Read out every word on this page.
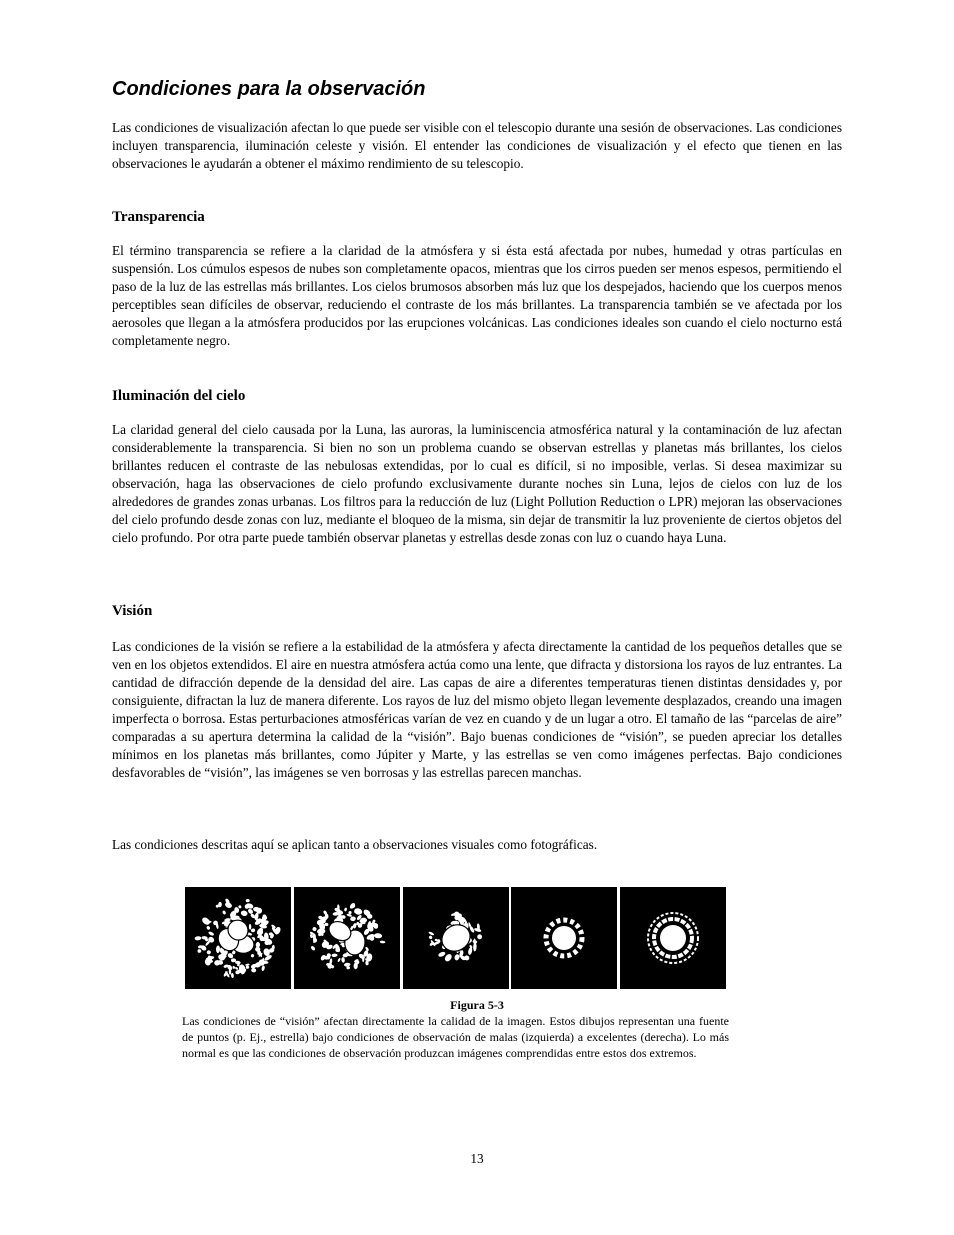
Condiciones para la observación

Las condiciones de visualización afectan lo que puede ser visible con el telescopio durante una sesión de observaciones. Las condiciones incluyen transparencia, iluminación celeste y visión. El entender las condiciones de visualización y el efecto que tienen en las observaciones le ayudarán a obtener el máximo rendimiento de su telescopio.

Transparencia

El término transparencia se refiere a la claridad de la atmósfera y si ésta está afectada por nubes, humedad y otras partículas en suspensión. Los cúmulos espesos de nubes son completamente opacos, mientras que los cirros pueden ser menos espesos, permitiendo el paso de la luz de las estrellas más brillantes. Los cielos brumosos absorben más luz que los despejados, haciendo que los cuerpos menos perceptibles sean difíciles de observar, reduciendo el contraste de los más brillantes. La transparencia también se ve afectada por los aerosoles que llegan a la atmósfera producidos por las erupciones volcánicas. Las condiciones ideales son cuando el cielo nocturno está completamente negro.

Iluminación del cielo

La claridad general del cielo causada por la Luna, las auroras, la luminiscencia atmosférica natural y la contaminación de luz afectan considerablemente la transparencia. Si bien no son un problema cuando se observan estrellas y planetas más brillantes, los cielos brillantes reducen el contraste de las nebulosas extendidas, por lo cual es difícil, si no imposible, verlas. Si desea maximizar su observación, haga las observaciones de cielo profundo exclusivamente durante noches sin Luna, lejos de cielos con luz de los alrededores de grandes zonas urbanas. Los filtros para la reducción de luz (Light Pollution Reduction o LPR) mejoran las observaciones del cielo profundo desde zonas con luz, mediante el bloqueo de la misma, sin dejar de transmitir la luz proveniente de ciertos objetos del cielo profundo. Por otra parte puede también observar planetas y estrellas desde zonas con luz o cuando haya Luna.

Visión

Las condiciones de la visión se refiere a la estabilidad de la atmósfera y afecta directamente la cantidad de los pequeños detalles que se ven en los objetos extendidos. El aire en nuestra atmósfera actúa como una lente, que difracta y distorsiona los rayos de luz entrantes. La cantidad de difracción depende de la densidad del aire. Las capas de aire a diferentes temperaturas tienen distintas densidades y, por consiguiente, difractan la luz de manera diferente. Los rayos de luz del mismo objeto llegan levemente desplazados, creando una imagen imperfecta o borrosa. Estas perturbaciones atmosféricas varían de vez en cuando y de un lugar a otro. El tamaño de las “parcelas de aire” comparadas a su apertura determina la calidad de la “visión”. Bajo buenas condiciones de “visión”, se pueden apreciar los detalles mínimos en los planetas más brillantes, como Júpiter y Marte, y las estrellas se ven como imágenes perfectas. Bajo condiciones desfavorables de “visión”, las imágenes se ven borrosas y las estrellas parecen manchas.

Las condiciones descritas aquí se aplican tanto a observaciones visuales como fotográficas.

Figura 5-3

Las condiciones de “visión” afectan directamente la calidad de la imagen. Estos dibujos representan una fuente de puntos (p. Ej., estrella) bajo condiciones de observación de malas (izquierda) a excelentes (derecha). Lo más normal es que las condiciones de observación produzcan imágenes comprendidas entre estos dos extremos.

13
